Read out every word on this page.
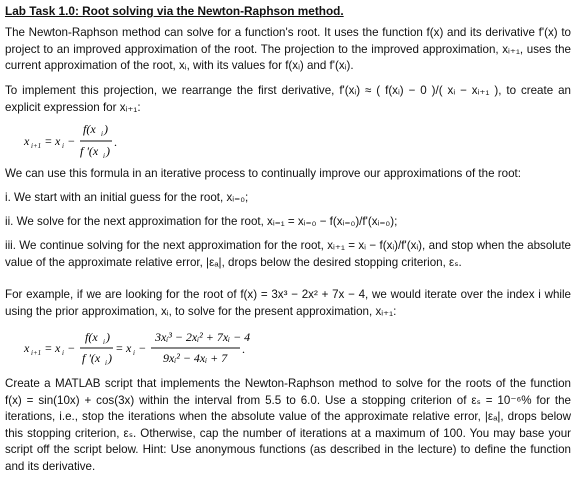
Lab Task 1.0: Root solving via the Newton-Raphson method.

The Newton-Raphson method can solve for a function's root. It uses the function f(x) and its derivative f'(x) to project to an improved approximation of the root. The projection to the improved approximation, xᵢ₊₁, uses the current approximation of the root, xᵢ, with its values for f(xᵢ) and f'(xᵢ).

To implement this projection, we rearrange the first derivative, f'(xᵢ) ≈ ( f(xᵢ) − 0 )/( xᵢ − xᵢ₊₁ ), to create an explicit expression for xᵢ₊₁:

x i+1 = x i −
f(x i )
f '(x i )
.

We can use this formula in an iterative process to continually improve our approximations of the root:

i. We start with an initial guess for the root, xᵢ₌₀;

ii. We solve for the next approximation for the root, xᵢ₌₁ = xᵢ₌₀ − f(xᵢ₌₀)/f'(xᵢ₌₀);

iii. We continue solving for the next approximation for the root, xᵢ₊₁ = xᵢ − f(xᵢ)/f'(xᵢ), and stop when the absolute value of the approximate relative error, |εₐ|, drops below the desired stopping criterion, εₛ.

For example, if we are looking for the root of f(x) = 3x³ − 2x² + 7x − 4, we would iterate over the index i while using the prior approximation, xᵢ, to solve for the present approximation, xᵢ₊₁:

x i+1 = x i −
f(x i )
f '(x i )
= x i −
3xᵢ³ − 2xᵢ² + 7xᵢ − 4
9xᵢ² − 4xᵢ + 7
.

Create a MATLAB script that implements the Newton-Raphson method to solve for the roots of the function f(x) = sin(10x) + cos(3x) within the interval from 5.5 to 6.0. Use a stopping criterion of εₛ = 10⁻⁶% for the iterations, i.e., stop the iterations when the absolute value of the approximate relative error, |εₐ|, drops below this stopping criterion, εₛ. Otherwise, cap the number of iterations at a maximum of 100. You may base your script off the script below. Hint: Use anonymous functions (as described in the lecture) to define the function and its derivative.
